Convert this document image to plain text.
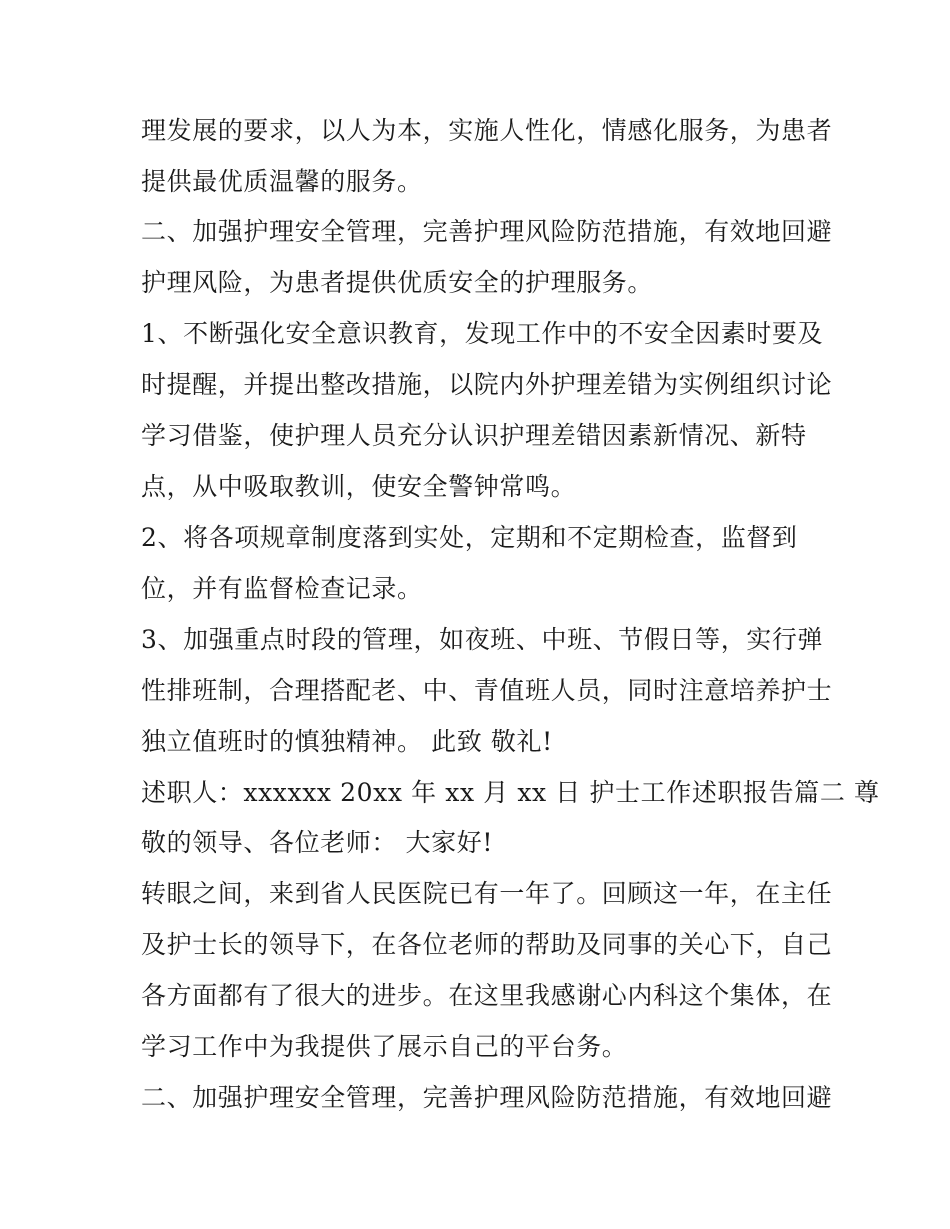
理发展的要求，以人为本，实施人性化，情感化服务，为患者
提供最优质温馨的服务。
二、加强护理安全管理，完善护理风险防范措施，有效地回避
护理风险，为患者提供优质安全的护理服务。
1、不断强化安全意识教育，发现工作中的不安全因素时要及
时提醒，并提出整改措施，以院内外护理差错为实例组织讨论
学习借鉴，使护理人员充分认识护理差错因素新情况、新特
点，从中吸取教训，使安全警钟常鸣。
2、将各项规章制度落到实处，定期和不定期检查，监督到
位，并有监督检查记录。
3、加强重点时段的管理，如夜班、中班、节假日等，实行弹
性排班制，合理搭配老、中、青值班人员，同时注意培养护士
独立值班时的慎独精神。 此致 敬礼!
述职人：xxxxxx 20xx 年 xx 月 xx 日 护士工作述职报告篇二 尊
敬的领导、各位老师： 大家好!
转眼之间，来到省人民医院已有一年了。回顾这一年，在主任
及护士长的领导下，在各位老师的帮助及同事的关心下，自己
各方面都有了很大的进步。在这里我感谢心内科这个集体，在
学习工作中为我提供了展示自己的平台务。
二、加强护理安全管理，完善护理风险防范措施，有效地回避
